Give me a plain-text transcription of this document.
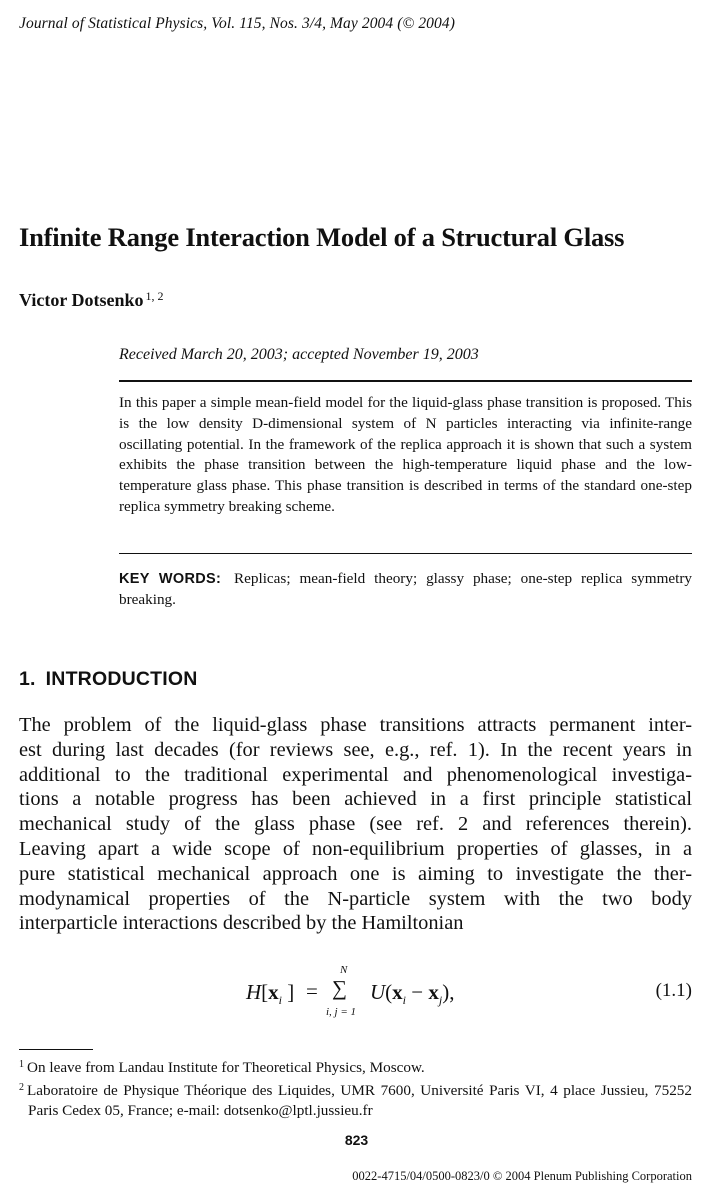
Journal of Statistical Physics, Vol. 115, Nos. 3/4, May 2004 (© 2004)
Infinite Range Interaction Model of a Structural Glass
Victor Dotsenko $^{1, 2}$
Received March 20, 2003; accepted November 19, 2003
In this paper a simple mean-field model for the liquid-glass phase transition is proposed. This is the low density D-dimensional system of N particles interacting via infinite-range oscillating potential. In the framework of the replica approach it is shown that such a system exhibits the phase transition between the high-temperature liquid phase and the low-temperature glass phase. This phase transition is described in terms of the standard one-step replica symmetry breaking scheme.
KEY WORDS: Replicas; mean-field theory; glassy phase; one-step replica symmetry breaking.
1. INTRODUCTION
The problem of the liquid-glass phase transitions attracts permanent inter-
est during last decades (for reviews see, e.g., ref. 1). In the recent years in
additional to the traditional experimental and phenomenological investiga-
tions a notable progress has been achieved in a first principle statistical
mechanical study of the glass phase (see ref. 2 and references therein).
Leaving apart a wide scope of non-equilibrium properties of glasses, in a
pure statistical mechanical approach one is aiming to investigate the ther-
modynamical properties of the N-particle system with the two body
interparticle interactions described by the Hamiltonian
$H[x_i$ ] =
N
∑
i, j = 1
$U(x_i - x_j)$,	(1.1)
$^1$ On leave from Landau Institute for Theoretical Physics, Moscow.
$^2$ Laboratoire de Physique Théorique des Liquides, UMR 7600, Université Paris VI, 4 place Jussieu, 75252 Paris Cedex 05, France; e-mail: dotsenko@lptl.jussieu.fr
823
0022-4715/04/0500-0823/0 © 2004 Plenum Publishing Corporation
